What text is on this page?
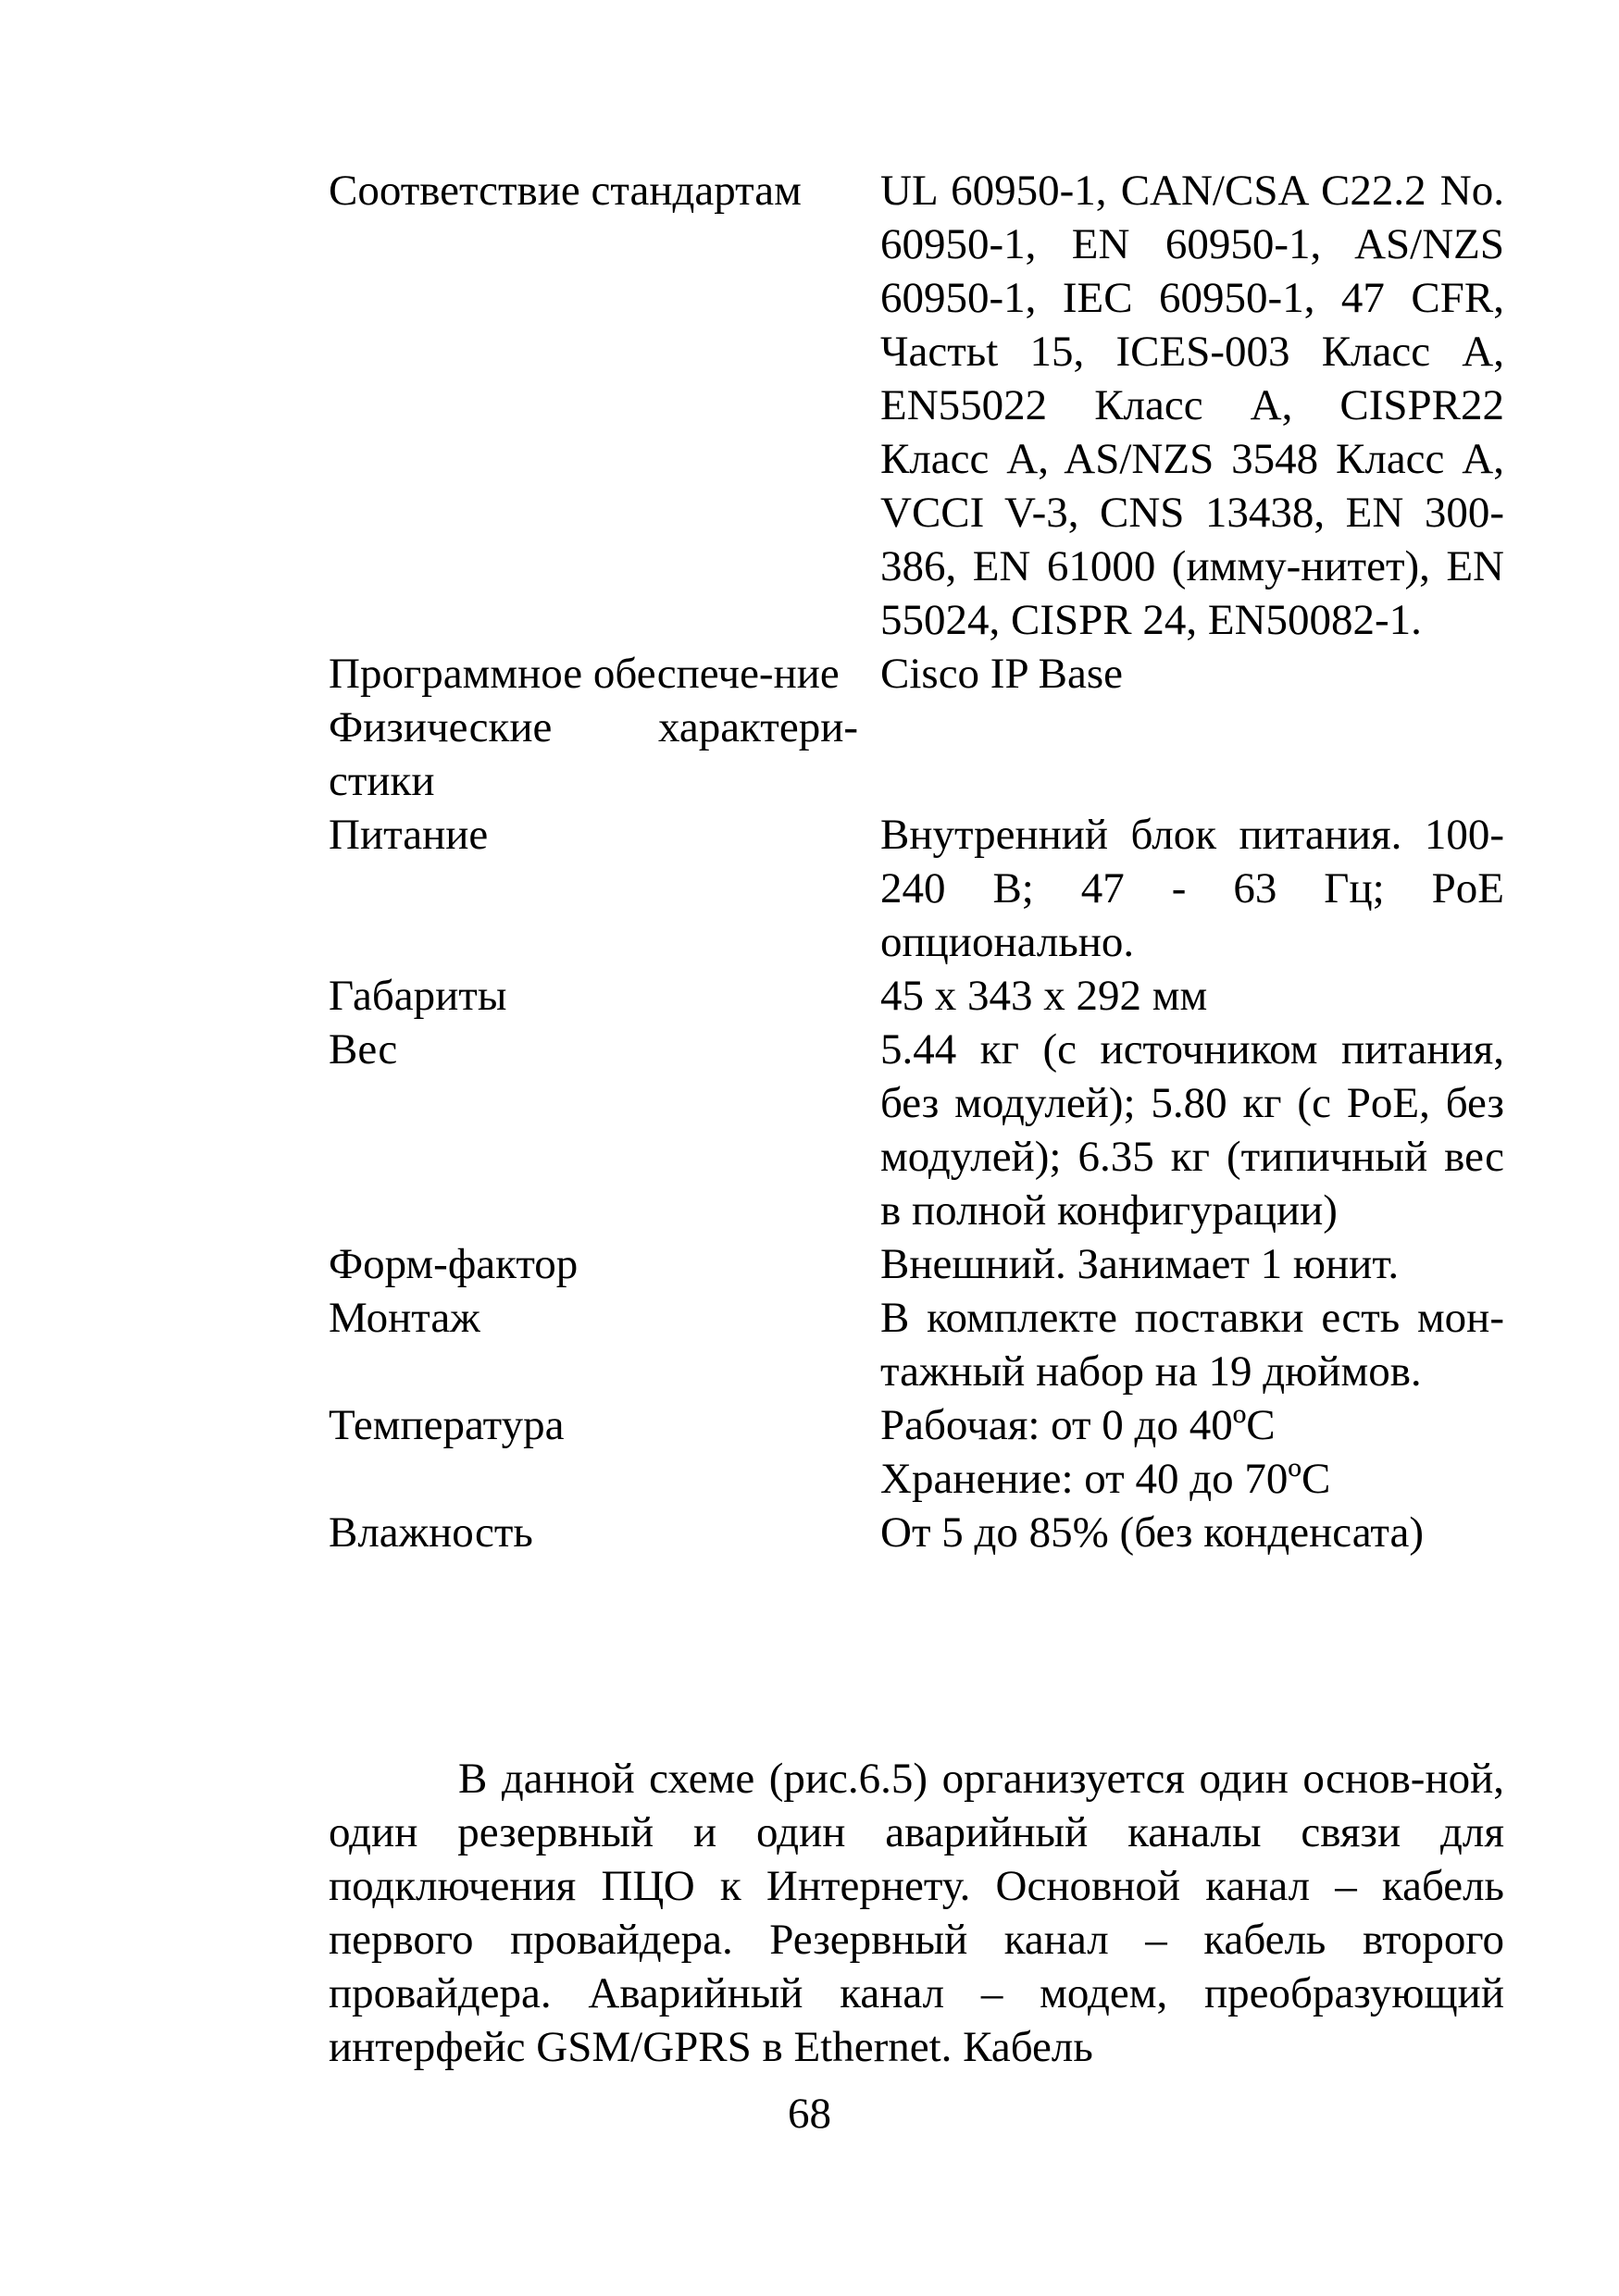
Соответствие стандартам	UL 60950-1, CAN/CSA C22.2 No. 60950-1, EN 60950-1, AS/NZS 60950-1, IEC 60950-1, 47 CFR, Частьt 15, ICES-003 Класс A, EN55022 Класс A, CISPR22 Класс A, AS/NZS 3548 Класс A, VCCI V-3, CNS 13438, EN 300-386, EN 61000 (имму-нитет), EN 55024, CISPR 24, EN50082-1.
Программное обеспече-ние	Cisco IP Base
Физические характери-стики	
Питание	Внутренний блок питания. 100-240 В; 47 - 63 Гц; PoE опционально.
Габариты	45 x 343 x 292 мм
Вес	5.44 кг (с источником питания, без модулей); 5.80 кг (с PoE, без модулей); 6.35 кг (типичный вес в полной конфигурации)
Форм-фактор	Внешний. Занимает 1 юнит.
Монтаж	В комплекте поставки есть мон-тажный набор на 19 дюймов.
Температура	Рабочая: от 0 до 40ºC
Хранение: от 40 до 70ºC
Влажность	От 5 до 85% (без конденсата)

В данной схеме (рис.6.5) организуется один основ-ной, один резервный и один аварийный каналы связи для подключения ПЦО к Интернету. Основной канал – кабель первого провайдера. Резервный канал – кабель второго провайдера. Аварийный канал – модем, преобразующий интерфейс GSM/GPRS в Ethernet. Кабель

68
